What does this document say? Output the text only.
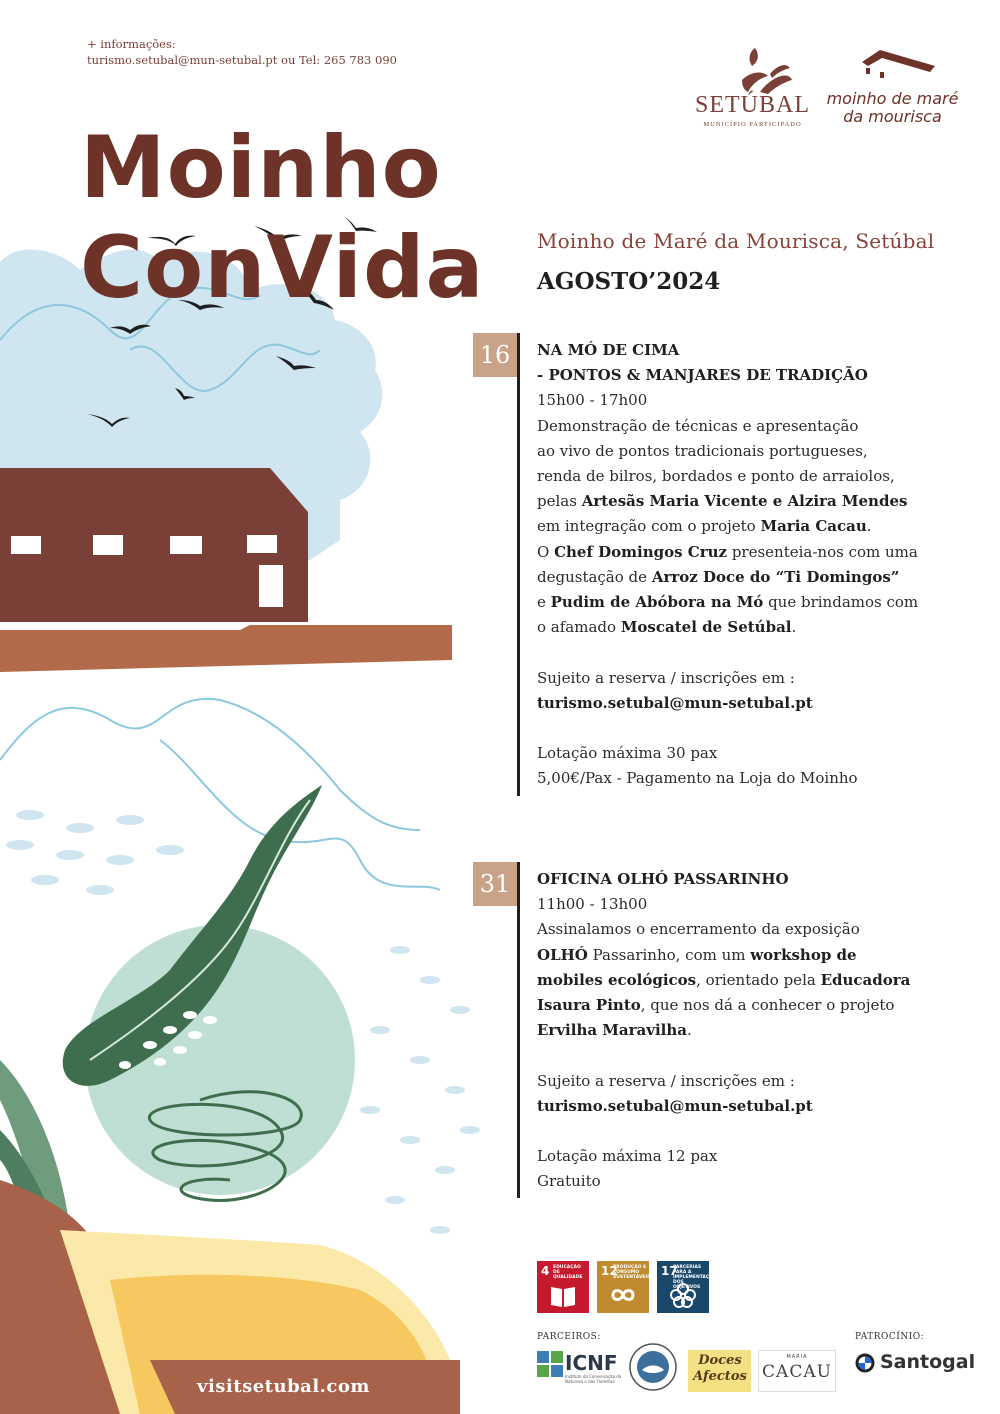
+ informações:
turismo.setubal@mun-setubal.pt ou Tel: 265 783 090
SETÚBAL
MUNICÍPIO PARTICIPADO
moinho de maré
da mourisca
Moinho ConVida	Moinho de Maré da Mourisca, Setúbal
AGOSTO’2024
16	NA MÓ DE CIMA
- PONTOS & MANJARES DE TRADIÇÃO
15h00 - 17h00
Demonstração de técnicas e apresentação
ao vivo de pontos tradicionais portugueses,
renda de bilros, bordados e ponto de arraiolos,
pelas Artesãs Maria Vicente e Alzira Mendes
em integração com o projeto Maria Cacau.
O Chef Domingos Cruz presenteia-nos com uma
degustação de Arroz Doce do “Ti Domingos”
e Pudim de Abóbora na Mó que brindamos com
o afamado Moscatel de Setúbal.
Sujeito a reserva / inscrições em :
turismo.setubal@mun-setubal.pt
Lotação máxima 30 pax
5,00€/Pax - Pagamento na Loja do Moinho
31	OFICINA OLHÓ PASSARINHO
11h00 - 13h00
Assinalamos o encerramento da exposição
OLHÓ Passarinho, com um workshop de
mobiles ecológicos, orientado pela Educadora
Isaura Pinto, que nos dá a conhecer o projeto
Ervilha Maravilha.
Sujeito a reserva / inscrições em :
turismo.setubal@mun-setubal.pt
Lotação máxima 12 pax
Gratuito
visitsetubal.com
4 EDUCAÇÃO DE QUALIDADE	12
PRODUÇÃO E CONSUMO SUSTENTÁVEIS 17
PARCERIAS PARA A IMPLEMENTAÇÃO DOS OBJETIVOS
PARCEIROS:	PATROCÍNIO:
ICNF
Instituto da Conservação da Natureza e das Florestas
Doces
Afectos
MARIA
CACAU	Santogal
